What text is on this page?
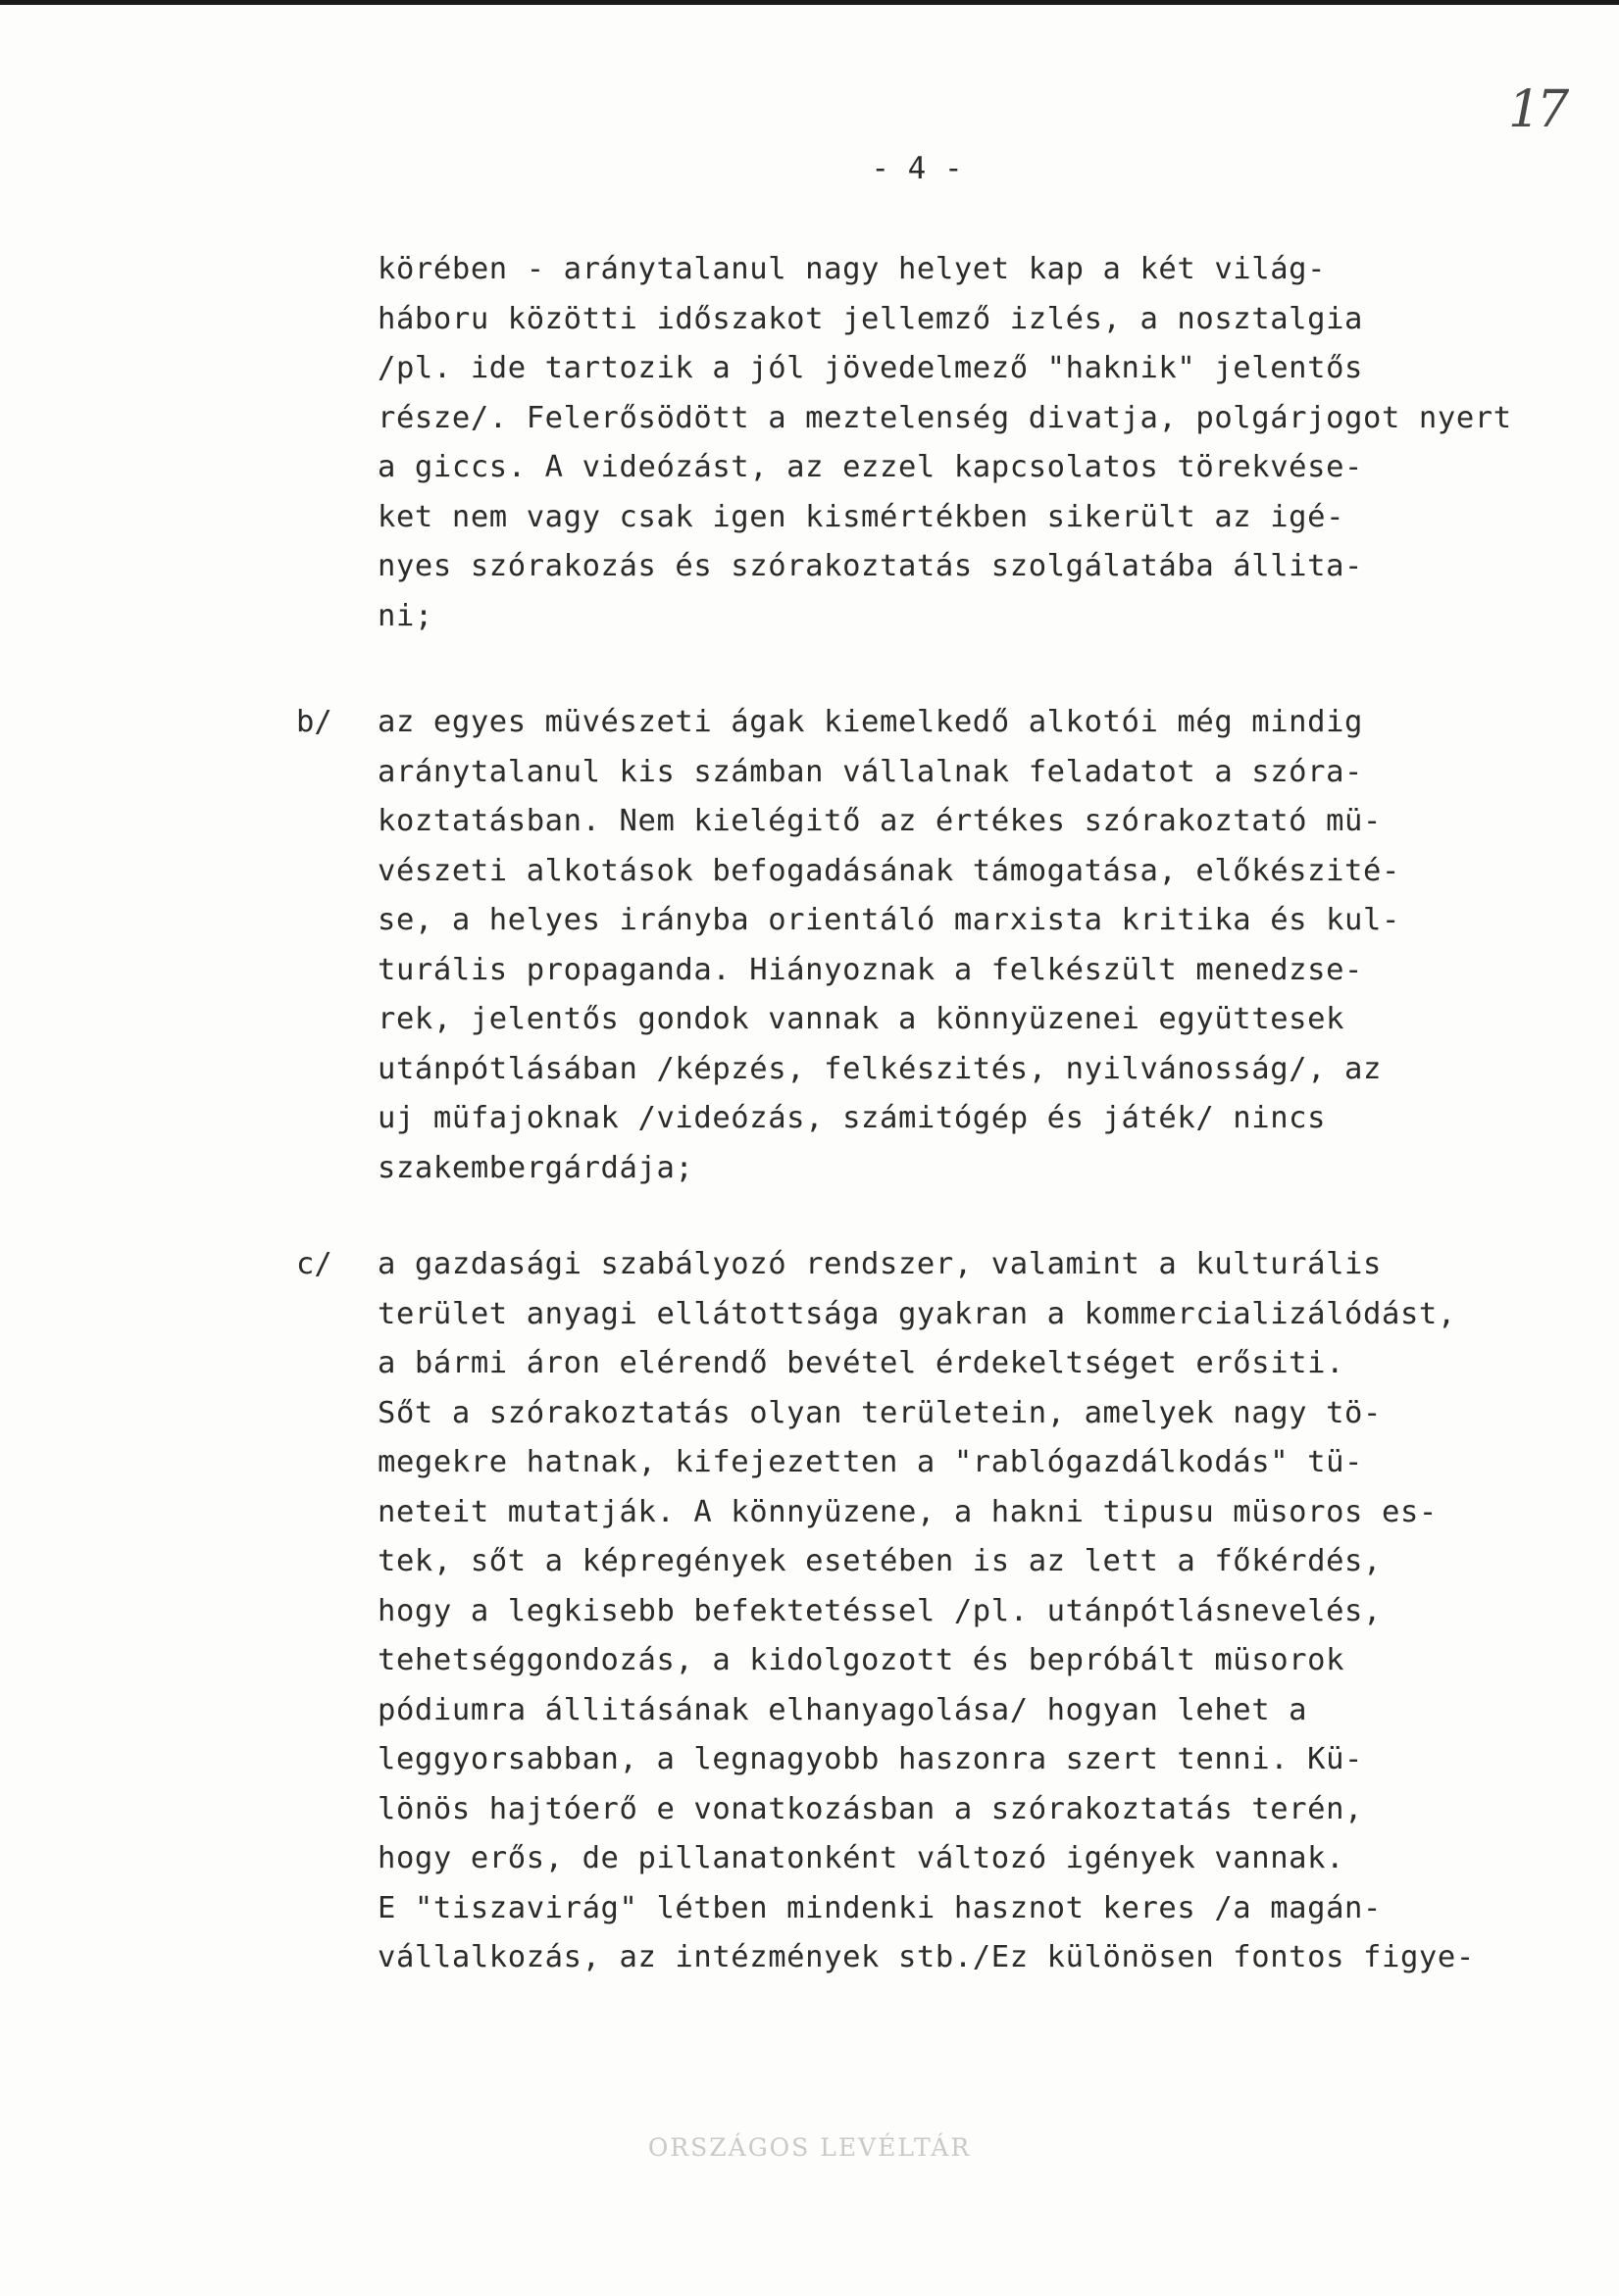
17
- 4 -
körében - aránytalanul nagy helyet kap a két világ-
háboru közötti időszakot jellemző izlés, a nosztalgia
/pl. ide tartozik a jól jövedelmező "haknik" jelentős
része/. Felerősödött a meztelenség divatja, polgárjogot nyert
a giccs. A videózást, az ezzel kapcsolatos törekvése-
ket nem vagy csak igen kismértékben sikerült az igé-
nyes szórakozás és szórakoztatás szolgálatába állita-
ni;
b/ az egyes müvészeti ágak kiemelkedő alkotói még mindig
aránytalanul kis számban vállalnak feladatot a szóra-
koztatásban. Nem kielégitő az értékes szórakoztató mü-
vészeti alkotások befogadásának támogatása, előkészité-
se, a helyes irányba orientáló marxista kritika és kul-
turális propaganda. Hiányoznak a felkészült menedzse-
rek, jelentős gondok vannak a könnyüzenei együttesek
utánpótlásában /képzés, felkészités, nyilvánosság/, az
uj müfajoknak /videózás, számitógép és játék/ nincs
szakembergárdája;
c/ a gazdasági szabályozó rendszer, valamint a kulturális
terület anyagi ellátottsága gyakran a kommercializálódást,
a bármi áron elérendő bevétel érdekeltséget erősiti.
Sőt a szórakoztatás olyan területein, amelyek nagy tö-
megekre hatnak, kifejezetten a "rablógazdálkodás" tü-
neteit mutatják. A könnyüzene, a hakni tipusu müsoros es-
tek, sőt a képregények esetében is az lett a főkérdés,
hogy a legkisebb befektetéssel /pl. utánpótlásnevelés,
tehetséggondozás, a kidolgozott és bepróbált müsorok
pódiumra állitásának elhanyagolása/ hogyan lehet a
leggyorsabban, a legnagyobb haszonra szert tenni. Kü-
lönös hajtóerő e vonatkozásban a szórakoztatás terén,
hogy erős, de pillanatonként változó igények vannak.
E "tiszavirág" létben mindenki hasznot keres /a magán-
vállalkozás, az intézmények stb./Ez különösen fontos figye-
ORSZÁGOS LEVÉLTÁR
